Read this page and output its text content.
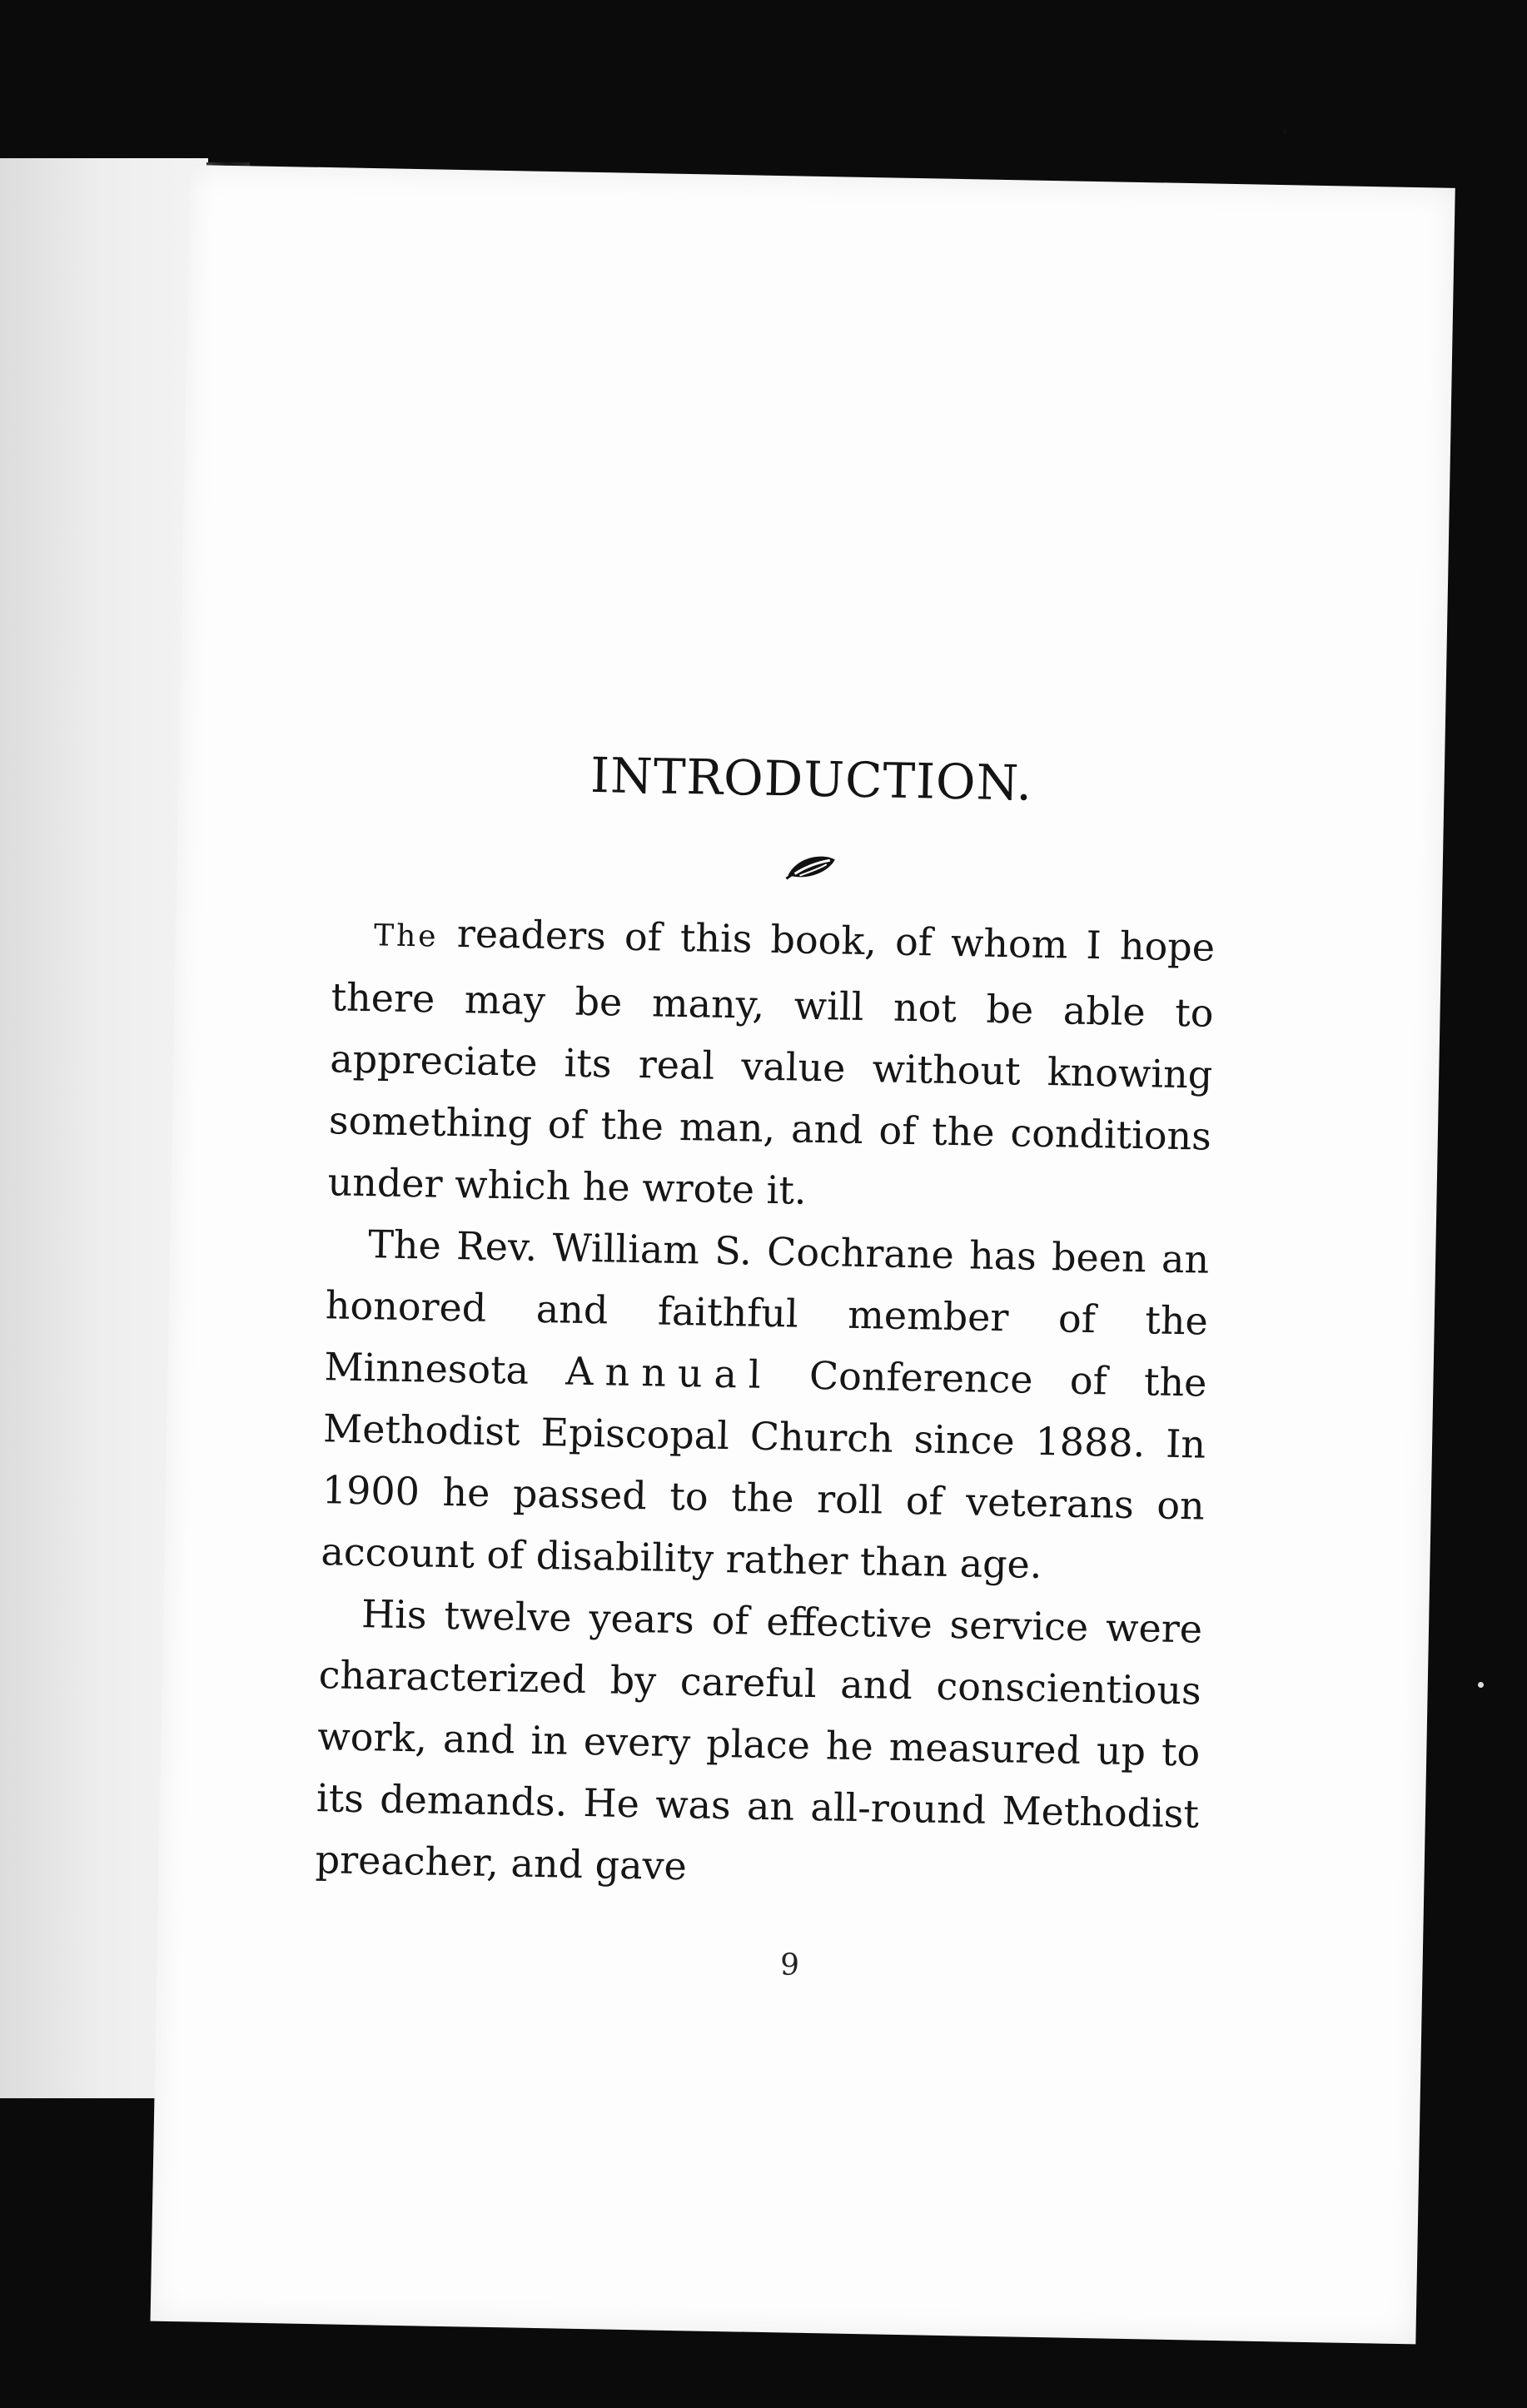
INTRODUCTION.

The readers of this book, of whom I hope there may be many, will not be able to appreciate its real value without knowing something of the man, and of the conditions under which he wrote it.

The Rev. William S. Cochrane has been an honored and faithful member of the Minnesota Annual Conference of the Methodist Episcopal Church since 1888. In 1900 he passed to the roll of veterans on account of disability rather than age.

His twelve years of effective service were characterized by careful and conscientious work, and in every place he measured up to its demands. He was an all-round Methodist preacher, and gave

9
